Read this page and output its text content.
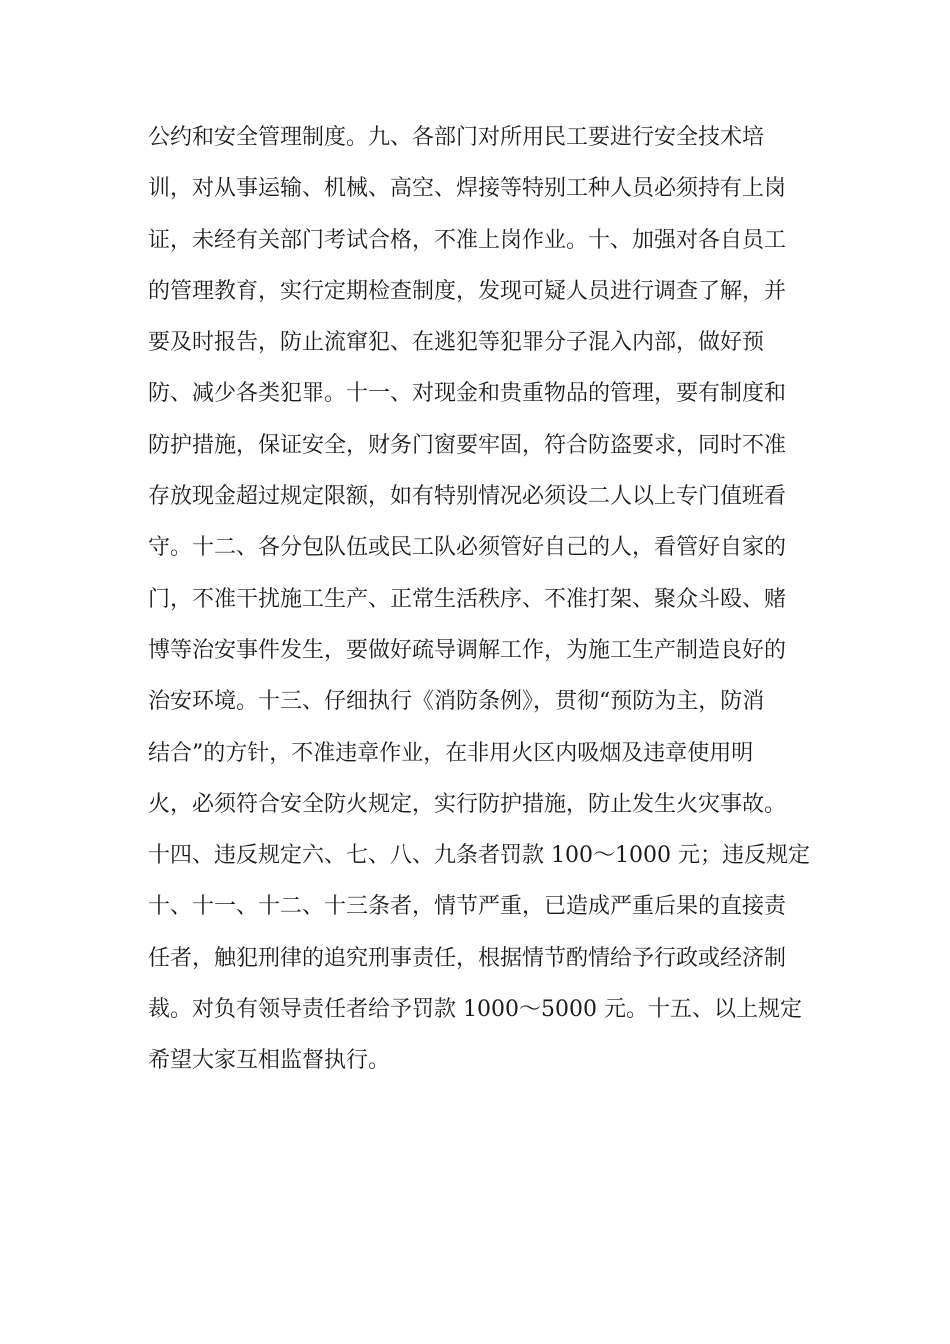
公约和安全管理制度。九、各部门对所用民工要进行安全技术培
训，对从事运输、机械、高空、焊接等特别工种人员必须持有上岗
证，未经有关部门考试合格，不准上岗作业。十、加强对各自员工
的管理教育，实行定期检查制度，发现可疑人员进行调查了解，并
要及时报告，防止流窜犯、在逃犯等犯罪分子混入内部，做好预
防、减少各类犯罪。十一、对现金和贵重物品的管理，要有制度和
防护措施，保证安全，财务门窗要牢固，符合防盗要求，同时不准
存放现金超过规定限额，如有特别情况必须设二人以上专门值班看
守。十二、各分包队伍或民工队必须管好自己的人，看管好自家的
门，不准干扰施工生产、正常生活秩序、不准打架、聚众斗殴、赌
博等治安事件发生，要做好疏导调解工作，为施工生产制造良好的
治安环境。十三、仔细执行《消防条例》，贯彻“预防为主，防消
结合”的方针，不准违章作业，在非用火区内吸烟及违章使用明
火，必须符合安全防火规定，实行防护措施，防止发生火灾事故。
十四、违反规定六、七、八、九条者罚款 100～1000 元；违反规定
十、十一、十二、十三条者，情节严重，已造成严重后果的直接责
任者，触犯刑律的追究刑事责任，根据情节酌情给予行政或经济制
裁。对负有领导责任者给予罚款 1000～5000 元。十五、以上规定
希望大家互相监督执行。
